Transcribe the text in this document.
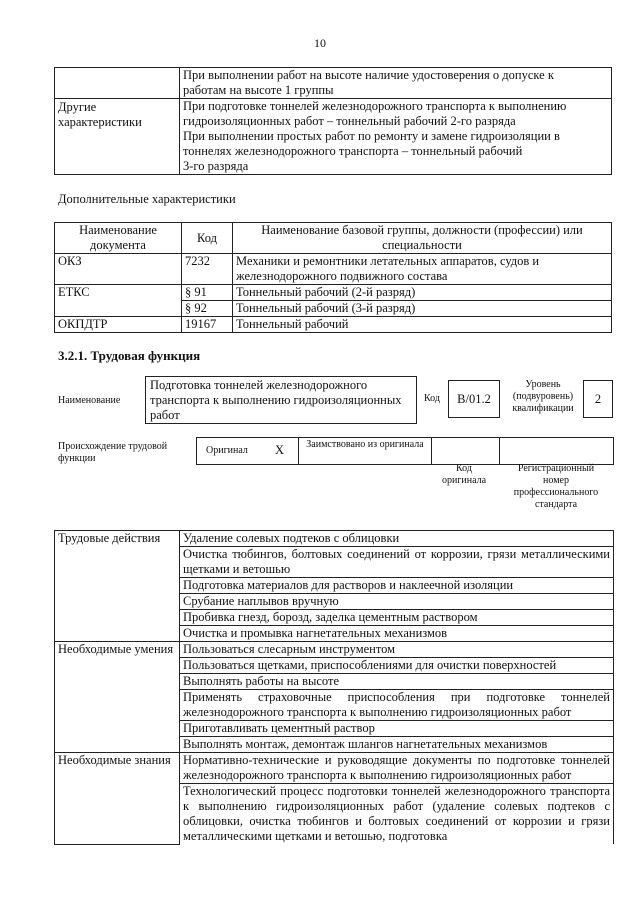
10

	При выполнении работ на высоте наличие удостоверения о допуске к
работам на высоте 1 группы

Другие характеристики	При подготовке тоннелей железнодорожного транспорта к выполнению
гидроизоляционных работ – тоннельный рабочий 2-го разряда
При выполнении простых работ по ремонту и замене гидроизоляции в
тоннелях железнодорожного транспорта – тоннельный рабочий
3-го разряда
Дополнительные характеристики
Наименование документа	Код	Наименование базовой группы, должности (профессии) или специальности
ОКЗ	7232	Механики и ремонтники летательных аппаратов, судов и железнодорожного подвижного состава
ЕТКС	§ 91	Тоннельный рабочий (2-й разряд)
	§ 92	Тоннельный рабочий (3-й разряд)
ОКПДТР	19167	Тоннельный рабочий
3.2.1. Трудовая функция
Наименование
Подготовка тоннелей железнодорожного транспорта к выполнению гидроизоляционных работ
Код	В/01.2
Уровень (подвуровень) квалификации
2
Происхождение трудовой функции
Оригинал X	Заимствовано из оригинала
Код оригинала
Регистрационный номер профессионального стандарта
Трудовые действия	Удаление солевых подтеков с облицовки
	Очистка тюбингов, болтовых соединений от коррозии, грязи металлическими щетками и ветошью
	Подготовка материалов для растворов и наклеечной изоляции
	Срубание наплывов вручную
	Пробивка гнезд, борозд, заделка цементным раствором
	Очистка и промывка нагнетательных механизмов
Необходимые умения	Пользоваться слесарным инструментом
	Пользоваться щетками, приспособлениями для очистки поверхностей
	Выполнять работы на высоте
	Применять страховочные приспособления при подготовке тоннелей железнодорожного транспорта к выполнению гидроизоляционных работ
	Приготавливать цементный раствор
	Выполнять монтаж, демонтаж шлангов нагнетательных механизмов
Необходимые знания	Нормативно-технические и руководящие документы по подготовке тоннелей железнодорожного транспорта к выполнению гидроизоляционных работ
	Технологический процесс подготовки тоннелей железнодорожного транспорта к выполнению гидроизоляционных работ (удаление солевых подтеков с облицовки, очистка тюбингов и болтовых соединений от коррозии и грязи металлическими щетками и ветошью, подготовка
